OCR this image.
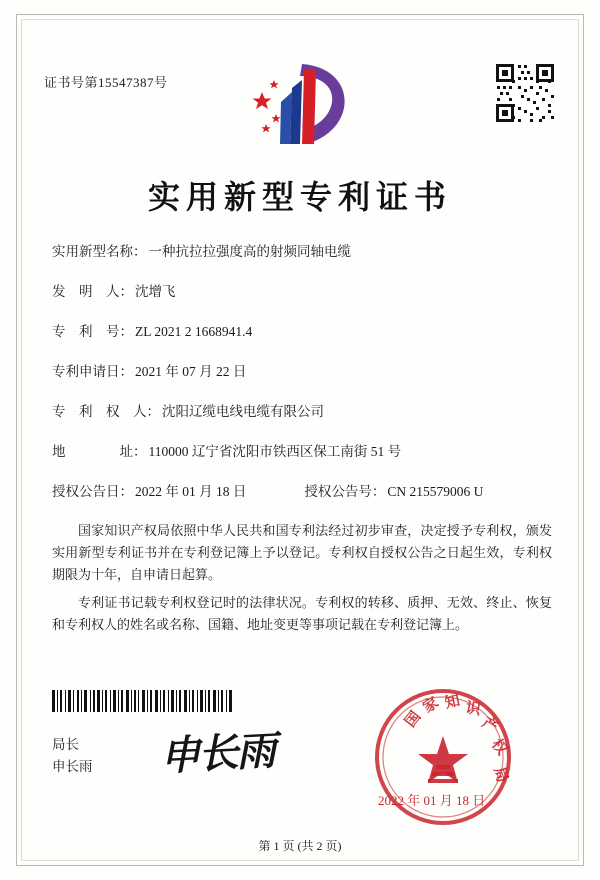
证书号第15547387号
实用新型专利证书
实用新型名称： 一种抗拉拉强度高的射频同轴电缆
发　明　人： 沈增飞
专　利　号： ZL 2021 2 1668941.4
专利申请日： 2021 年 07 月 22 日
专　利　权　人： 沈阳辽缆电线电缆有限公司
地　　　　址： 110000 辽宁省沈阳市铁西区保工南街 51 号
授权公告日： 2022 年 01 月 18 日	授权公告号： CN 215579006 U

国家知识产权局依照中华人民共和国专利法经过初步审查，决定授予专利权，颁发实用新型专利证书并在专利登记簿上予以登记。专利权自授权公告之日起生效，专利权期限为十年，自申请日起算。

专利证书记载专利权登记时的法律状况。专利权的转移、质押、无效、终止、恢复和专利权人的姓名或名称、国籍、地址变更等事项记载在专利登记簿上。

局长
申长雨 申长雨
国
家 知 识
产
权
局
2022 年 01 月 18 日
第 1 页 (共 2 页)
